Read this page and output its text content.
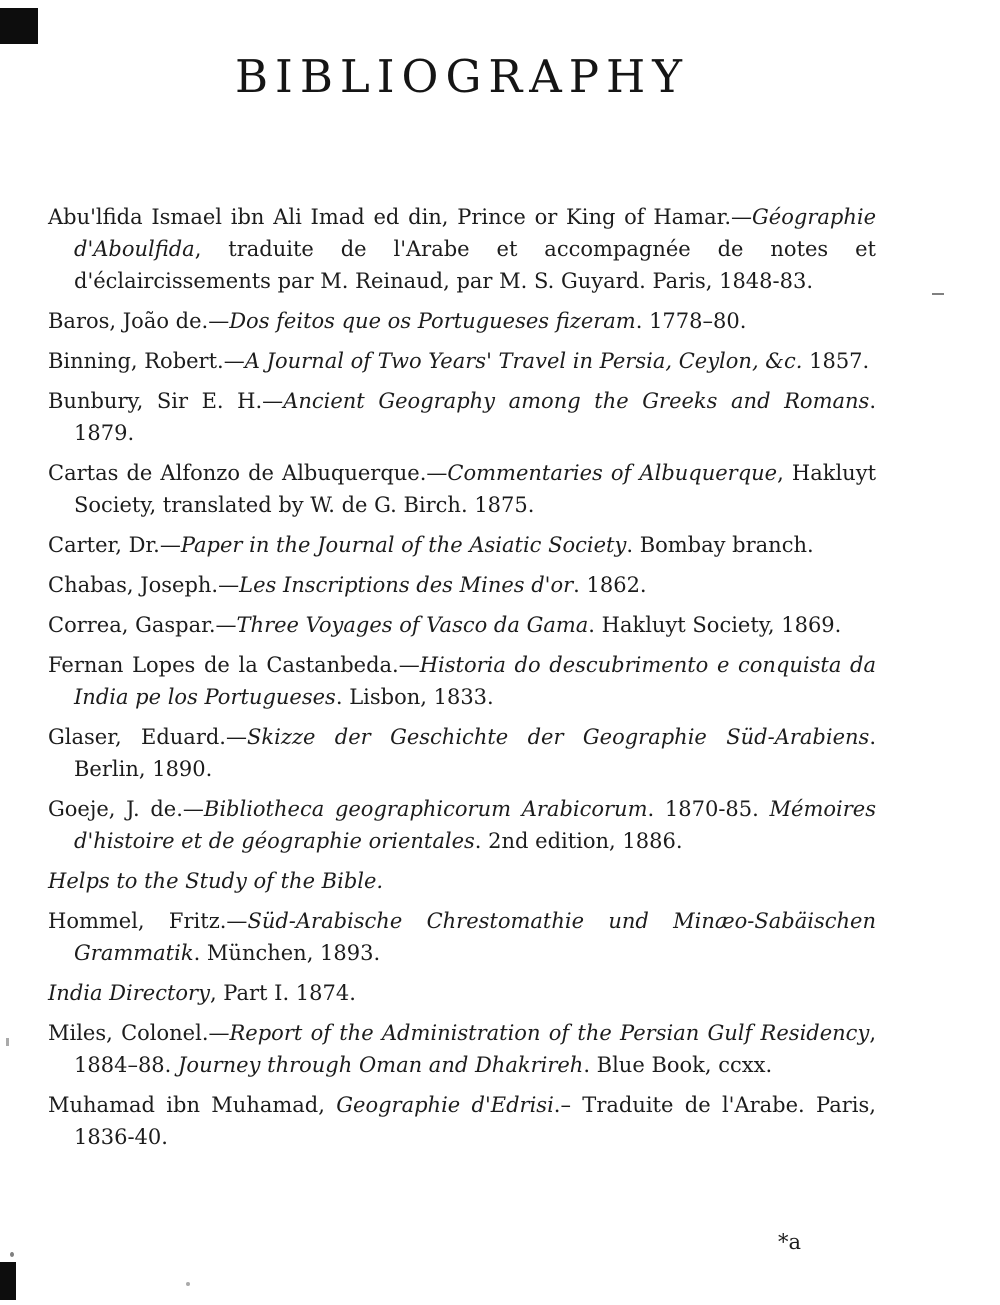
BIBLIOGRAPHY

Abu'lfida Ismael ibn Ali Imad ed din, Prince or King of Hamar.—Géographie d'Aboulfida, traduite de l'Arabe et accompagnée de notes et d'éclaircissements par M. Reinaud, par M. S. Guyard. Paris, 1848-83.

Baros, João de.—Dos feitos que os Portugueses fizeram. 1778–80.

Binning, Robert.—A Journal of Two Years' Travel in Persia, Ceylon, &c. 1857.

Bunbury, Sir E. H.—Ancient Geography among the Greeks and Romans. 1879.

Cartas de Alfonzo de Albuquerque.—Commentaries of Albuquerque, Hakluyt Society, translated by W. de G. Birch. 1875.

Carter, Dr.—Paper in the Journal of the Asiatic Society. Bombay branch.

Chabas, Joseph.—Les Inscriptions des Mines d'or. 1862.

Correa, Gaspar.—Three Voyages of Vasco da Gama. Hakluyt Society, 1869.

Fernan Lopes de la Castanbeda.—Historia do descubrimento e conquista da India pe los Portugueses. Lisbon, 1833.

Glaser, Eduard.—Skizze der Geschichte der Geographie Süd-Arabiens. Berlin, 1890.

Goeje, J. de.—Bibliotheca geographicorum Arabicorum. 1870-85. Mémoires d'histoire et de géographie orientales. 2nd edition, 1886.

Helps to the Study of the Bible.

Hommel, Fritz.—Süd-Arabische Chrestomathie und Minæo-Sabäischen Grammatik. München, 1893.

India Directory, Part I. 1874.

Miles, Colonel.—Report of the Administration of the Persian Gulf Residency, 1884–88. Journey through Oman and Dhakrireh. Blue Book, ccxx.

Muhamad ibn Muhamad, Geographie d'Edrisi.– Traduite de l'Arabe. Paris, 1836-40.

*a
